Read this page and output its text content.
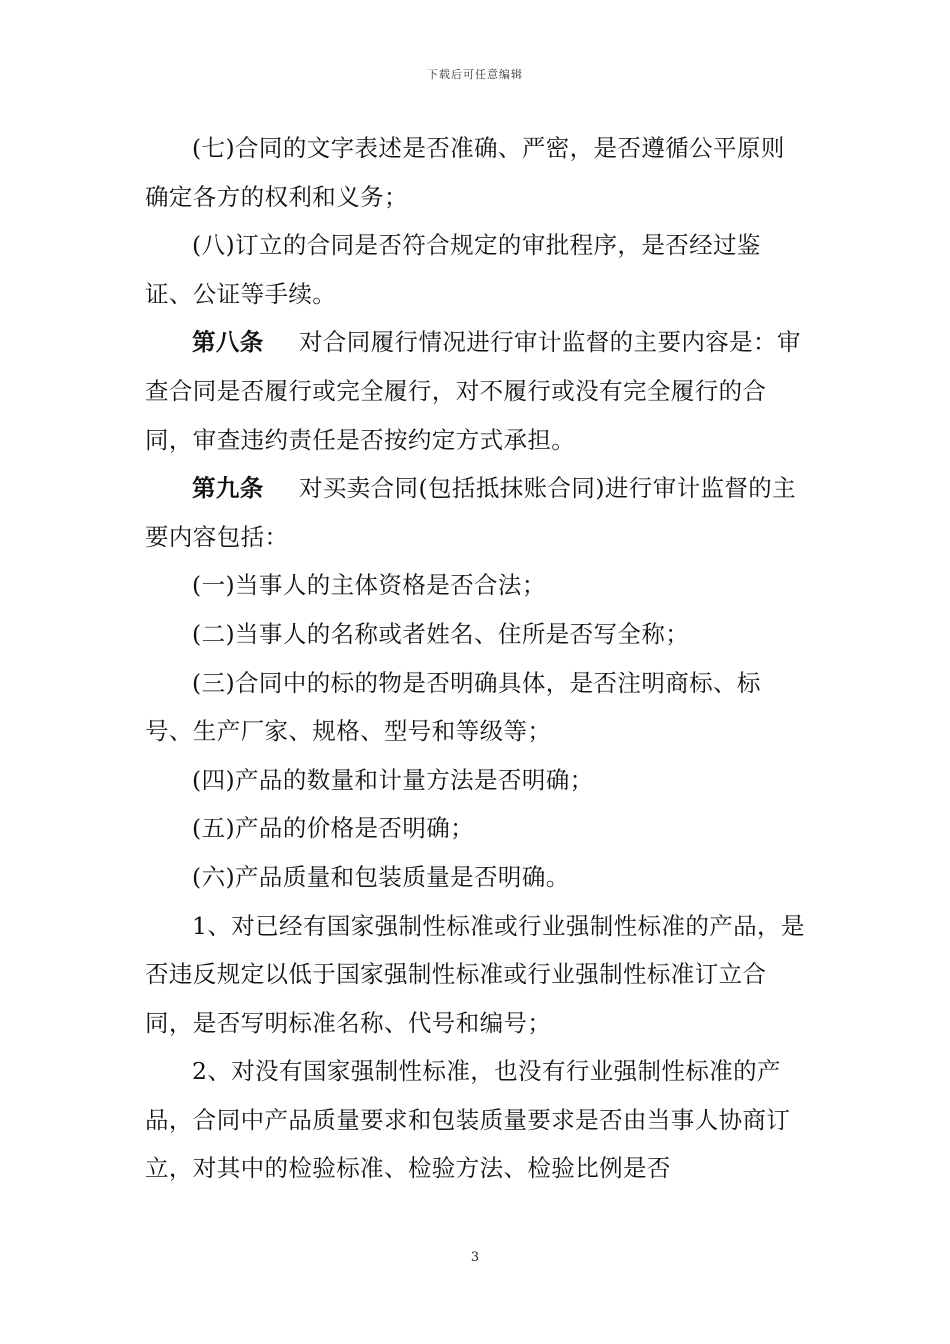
下载后可任意编辑

(七)合同的文字表述是否准确、严密，是否遵循公平原则确定各方的权利和义务；

(八)订立的合同是否符合规定的审批程序，是否经过鉴证、公证等手续。

第八条 对合同履行情况进行审计监督的主要内容是：审查合同是否履行或完全履行，对不履行或没有完全履行的合同，审查违约责任是否按约定方式承担。

第九条 对买卖合同(包括抵抹账合同)进行审计监督的主要内容包括：

(一)当事人的主体资格是否合法；

(二)当事人的名称或者姓名、住所是否写全称；

(三)合同中的标的物是否明确具体，是否注明商标、标号、生产厂家、规格、型号和等级等；

(四)产品的数量和计量方法是否明确；

(五)产品的价格是否明确；

(六)产品质量和包装质量是否明确。

1、对已经有国家强制性标准或行业强制性标准的产品，是否违反规定以低于国家强制性标准或行业强制性标准订立合同，是否写明标准名称、代号和编号；

2、对没有国家强制性标准，也没有行业强制性标准的产品，合同中产品质量要求和包装质量要求是否由当事人协商订立，对其中的检验标准、检验方法、检验比例是否

3
